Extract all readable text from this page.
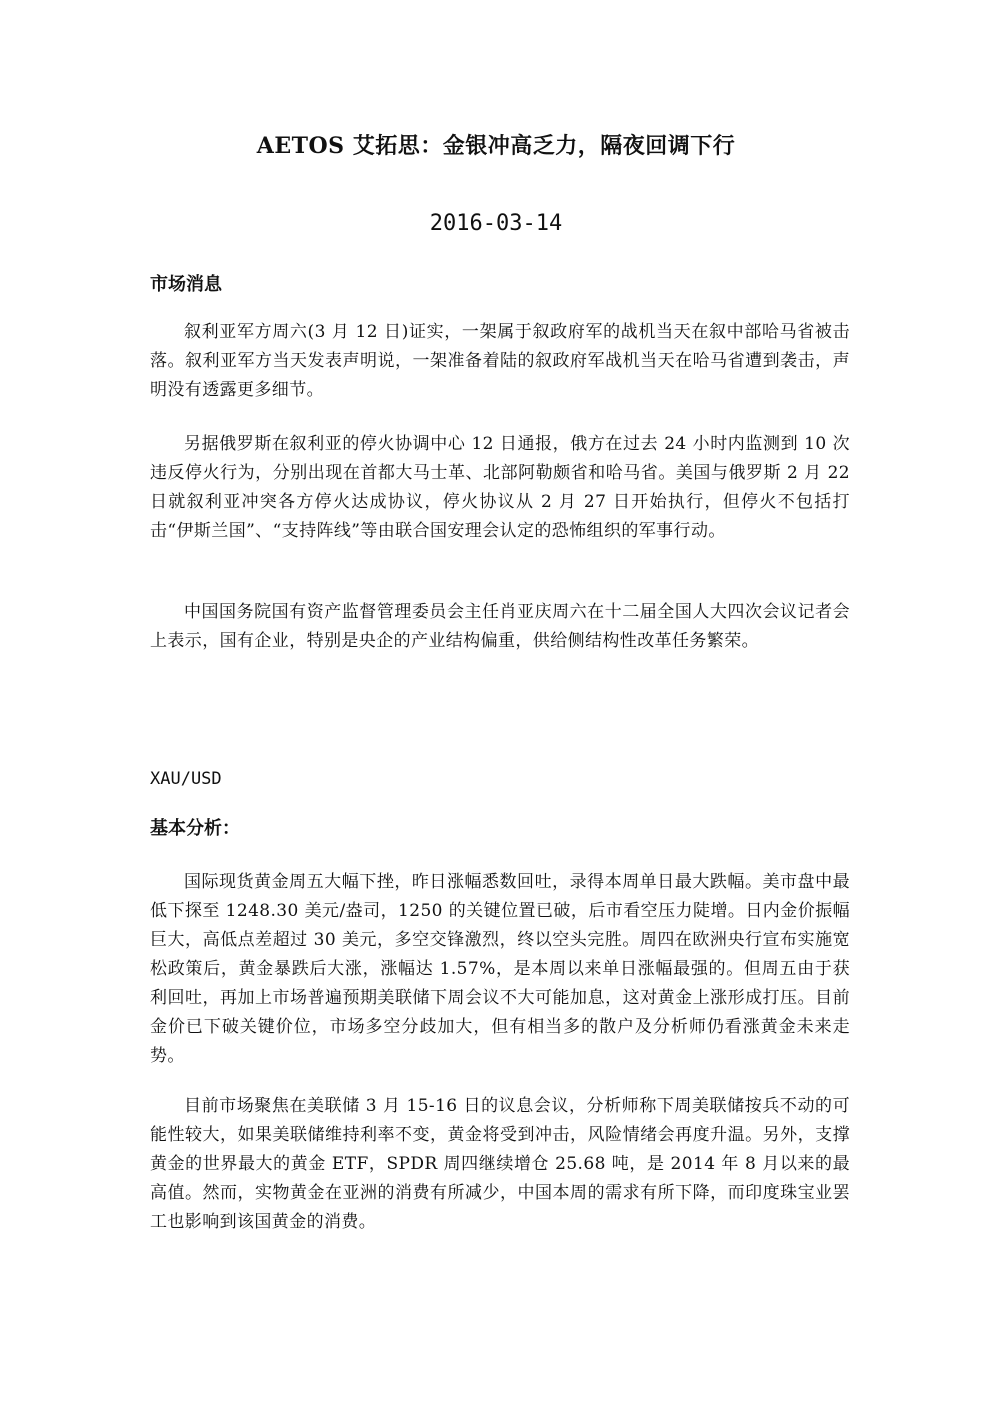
AETOS 艾拓思：金银冲高乏力，隔夜回调下行
2016-03-14

市场消息

叙利亚军方周六(3 月 12 日)证实，一架属于叙政府军的战机当天在叙中部哈马省被击落。叙利亚军方当天发表声明说，一架准备着陆的叙政府军战机当天在哈马省遭到袭击，声明没有透露更多细节。

另据俄罗斯在叙利亚的停火协调中心 12 日通报，俄方在过去 24 小时内监测到 10 次违反停火行为，分别出现在首都大马士革、北部阿勒颇省和哈马省。美国与俄罗斯 2 月 22 日就叙利亚冲突各方停火达成协议，停火协议从 2 月 27 日开始执行，但停火不包括打击“伊斯兰国”、“支持阵线”等由联合国安理会认定的恐怖组织的军事行动。

中国国务院国有资产监督管理委员会主任肖亚庆周六在十二届全国人大四次会议记者会上表示，国有企业，特别是央企的产业结构偏重，供给侧结构性改革任务繁荣。

XAU/USD

基本分析：

国际现货黄金周五大幅下挫，昨日涨幅悉数回吐，录得本周单日最大跌幅。美市盘中最低下探至 1248.30 美元/盎司，1250 的关键位置已破，后市看空压力陡增。日内金价振幅巨大，高低点差超过 30 美元，多空交锋激烈，终以空头完胜。周四在欧洲央行宣布实施宽松政策后，黄金暴跌后大涨，涨幅达 1.57%，是本周以来单日涨幅最强的。但周五由于获利回吐，再加上市场普遍预期美联储下周会议不大可能加息，这对黄金上涨形成打压。目前金价已下破关键价位，市场多空分歧加大，但有相当多的散户及分析师仍看涨黄金未来走势。

目前市场聚焦在美联储 3 月 15-16 日的议息会议，分析师称下周美联储按兵不动的可能性较大，如果美联储维持利率不变，黄金将受到冲击，风险情绪会再度升温。另外，支撑黄金的世界最大的黄金 ETF，SPDR 周四继续增仓 25.68 吨，是 2014 年 8 月以来的最高值。然而，实物黄金在亚洲的消费有所减少，中国本周的需求有所下降，而印度珠宝业罢工也影响到该国黄金的消费。
